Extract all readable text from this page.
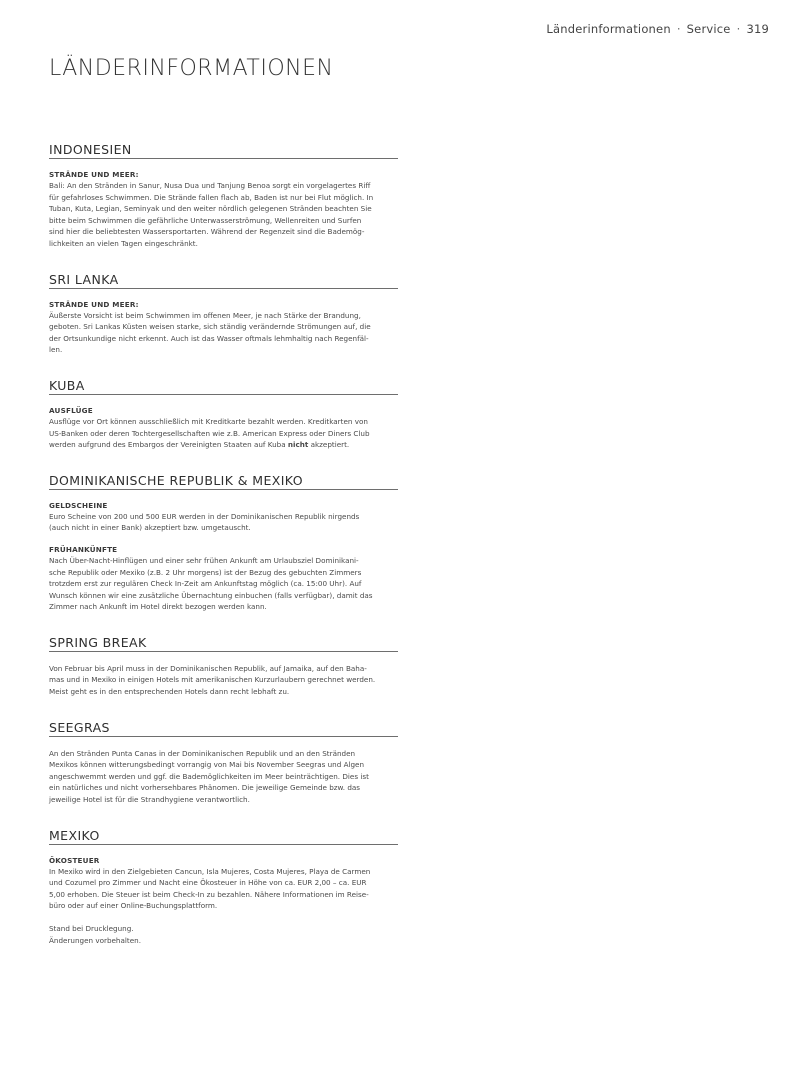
Länderinformationen · Service · 319
LÄNDERINFORMATIONEN
INDONESIEN
STRÄNDE UND MEER:
Bali: An den Stränden in Sanur, Nusa Dua und Tanjung Benoa sorgt ein vorgelagertes Riff
für gefahrloses Schwimmen. Die Strände fallen flach ab, Baden ist nur bei Flut möglich. In
Tuban, Kuta, Legian, Seminyak und den weiter nördlich gelegenen Stränden beachten Sie
bitte beim Schwimmen die gefährliche Unterwasserströmung, Wellenreiten und Surfen
sind hier die beliebtesten Wassersportarten. Während der Regenzeit sind die Bademög-
lichkeiten an vielen Tagen eingeschränkt.
SRI LANKA
STRÄNDE UND MEER:
Äußerste Vorsicht ist beim Schwimmen im offenen Meer, je nach Stärke der Brandung,
geboten. Sri Lankas Küsten weisen starke, sich ständig verändernde Strömungen auf, die
der Ortsunkundige nicht erkennt. Auch ist das Wasser oftmals lehmhaltig nach Regenfäl-
len.
KUBA
AUSFLÜGE
Ausflüge vor Ort können ausschließlich mit Kreditkarte bezahlt werden. Kreditkarten von
US-Banken oder deren Tochtergesellschaften wie z.B. American Express oder Diners Club
werden aufgrund des Embargos der Vereinigten Staaten auf Kuba nicht akzeptiert.
DOMINIKANISCHE REPUBLIK & MEXIKO
GELDSCHEINE
Euro Scheine von 200 und 500 EUR werden in der Dominikanischen Republik nirgends
(auch nicht in einer Bank) akzeptiert bzw. umgetauscht.
FRÜHANKÜNFTE
Nach Über-Nacht-Hinflügen und einer sehr frühen Ankunft am Urlaubsziel Dominikani-
sche Republik oder Mexiko (z.B. 2 Uhr morgens) ist der Bezug des gebuchten Zimmers
trotzdem erst zur regulären Check In-Zeit am Ankunftstag möglich (ca. 15:00 Uhr). Auf
Wunsch können wir eine zusätzliche Übernachtung einbuchen (falls verfügbar), damit das
Zimmer nach Ankunft im Hotel direkt bezogen werden kann.
SPRING BREAK
Von Februar bis April muss in der Dominikanischen Republik, auf Jamaika, auf den Baha-
mas und in Mexiko in einigen Hotels mit amerikanischen Kurzurlaubern gerechnet werden.
Meist geht es in den entsprechenden Hotels dann recht lebhaft zu.
SEEGRAS
An den Stränden Punta Canas in der Dominikanischen Republik und an den Stränden
Mexikos können witterungsbedingt vorrangig von Mai bis November Seegras und Algen
angeschwemmt werden und ggf. die Bademöglichkeiten im Meer beinträchtigen. Dies ist
ein natürliches und nicht vorhersehbares Phänomen. Die jeweilige Gemeinde bzw. das
jeweilige Hotel ist für die Strandhygiene verantwortlich.
MEXIKO
ÖKOSTEUER
In Mexiko wird in den Zielgebieten Cancun, Isla Mujeres, Costa Mujeres, Playa de Carmen
und Cozumel pro Zimmer und Nacht eine Ökosteuer in Höhe von ca. EUR 2,00 – ca. EUR
5,00 erhoben. Die Steuer ist beim Check-In zu bezahlen. Nähere Informationen im Reise-
büro oder auf einer Online-Buchungsplattform.
Stand bei Drucklegung.
Änderungen vorbehalten.
